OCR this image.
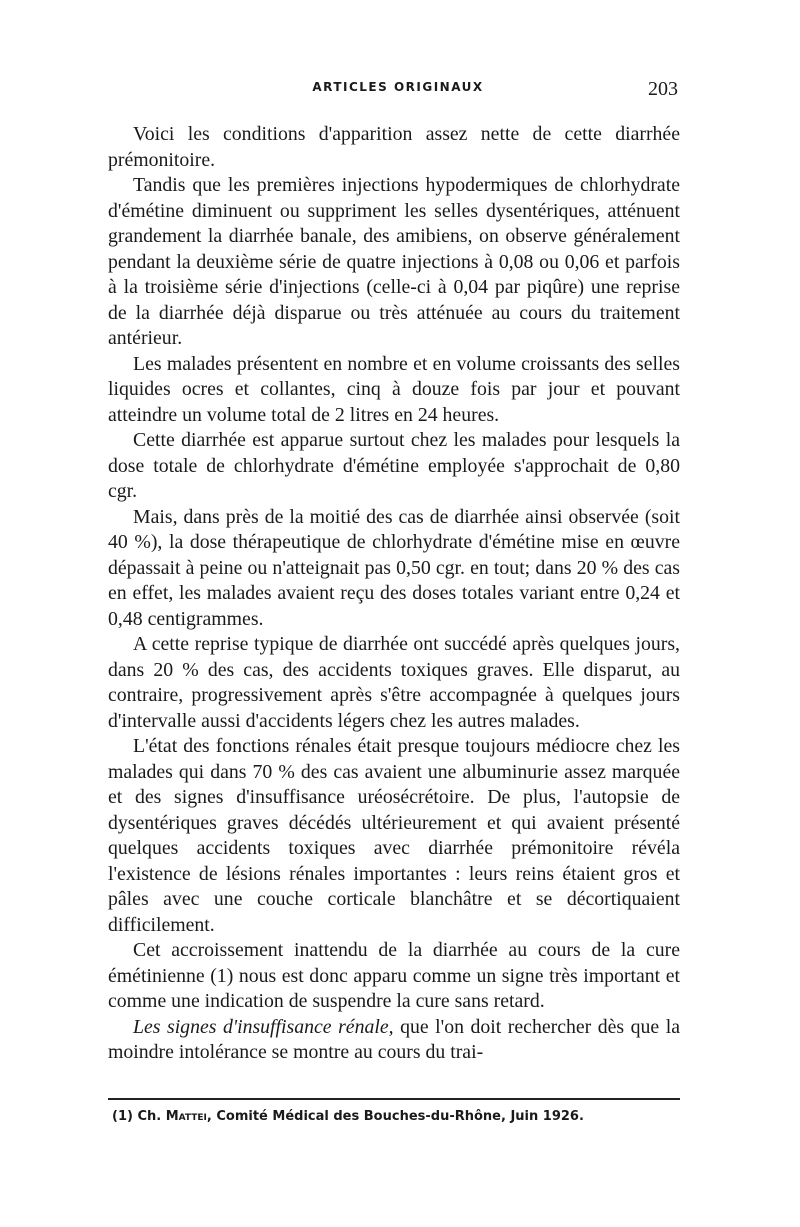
ARTICLES ORIGINAUX	203

Voici les conditions d'apparition assez nette de cette diarrhée prémonitoire.

Tandis que les premières injections hypodermiques de chlorhydrate d'émétine diminuent ou suppriment les selles dysentériques, atténuent grandement la diarrhée banale, des amibiens, on observe généralement pendant la deuxième série de quatre injections à 0,08 ou 0,06 et parfois à la troisième série d'injections (celle-ci à 0,04 par piqûre) une reprise de la diarrhée déjà disparue ou très atténuée au cours du traitement antérieur.

Les malades présentent en nombre et en volume croissants des selles liquides ocres et collantes, cinq à douze fois par jour et pouvant atteindre un volume total de 2 litres en 24 heures.

Cette diarrhée est apparue surtout chez les malades pour lesquels la dose totale de chlorhydrate d'émétine employée s'approchait de 0,80 cgr.

Mais, dans près de la moitié des cas de diarrhée ainsi observée (soit 40 %), la dose thérapeutique de chlorhydrate d'émétine mise en œuvre dépassait à peine ou n'atteignait pas 0,50 cgr. en tout; dans 20 % des cas en effet, les malades avaient reçu des doses totales variant entre 0,24 et 0,48 centigrammes.

A cette reprise typique de diarrhée ont succédé après quelques jours, dans 20 % des cas, des accidents toxiques graves. Elle disparut, au contraire, progressivement après s'être accompagnée à quelques jours d'intervalle aussi d'accidents légers chez les autres malades.

L'état des fonctions rénales était presque toujours médiocre chez les malades qui dans 70 % des cas avaient une albuminurie assez marquée et des signes d'insuffisance uréosécrétoire. De plus, l'autopsie de dysentériques graves décédés ultérieurement et qui avaient présenté quelques accidents toxiques avec diarrhée prémonitoire révéla l'existence de lésions rénales importantes : leurs reins étaient gros et pâles avec une couche corticale blanchâtre et se décortiquaient difficilement.

Cet accroissement inattendu de la diarrhée au cours de la cure émétinienne (1) nous est donc apparu comme un signe très important et comme une indication de suspendre la cure sans retard.

Les signes d'insuffisance rénale, que l'on doit rechercher dès que la moindre intolérance se montre au cours du trai-

(1) Ch. Mattei, Comité Médical des Bouches-du-Rhône, Juin 1926.
